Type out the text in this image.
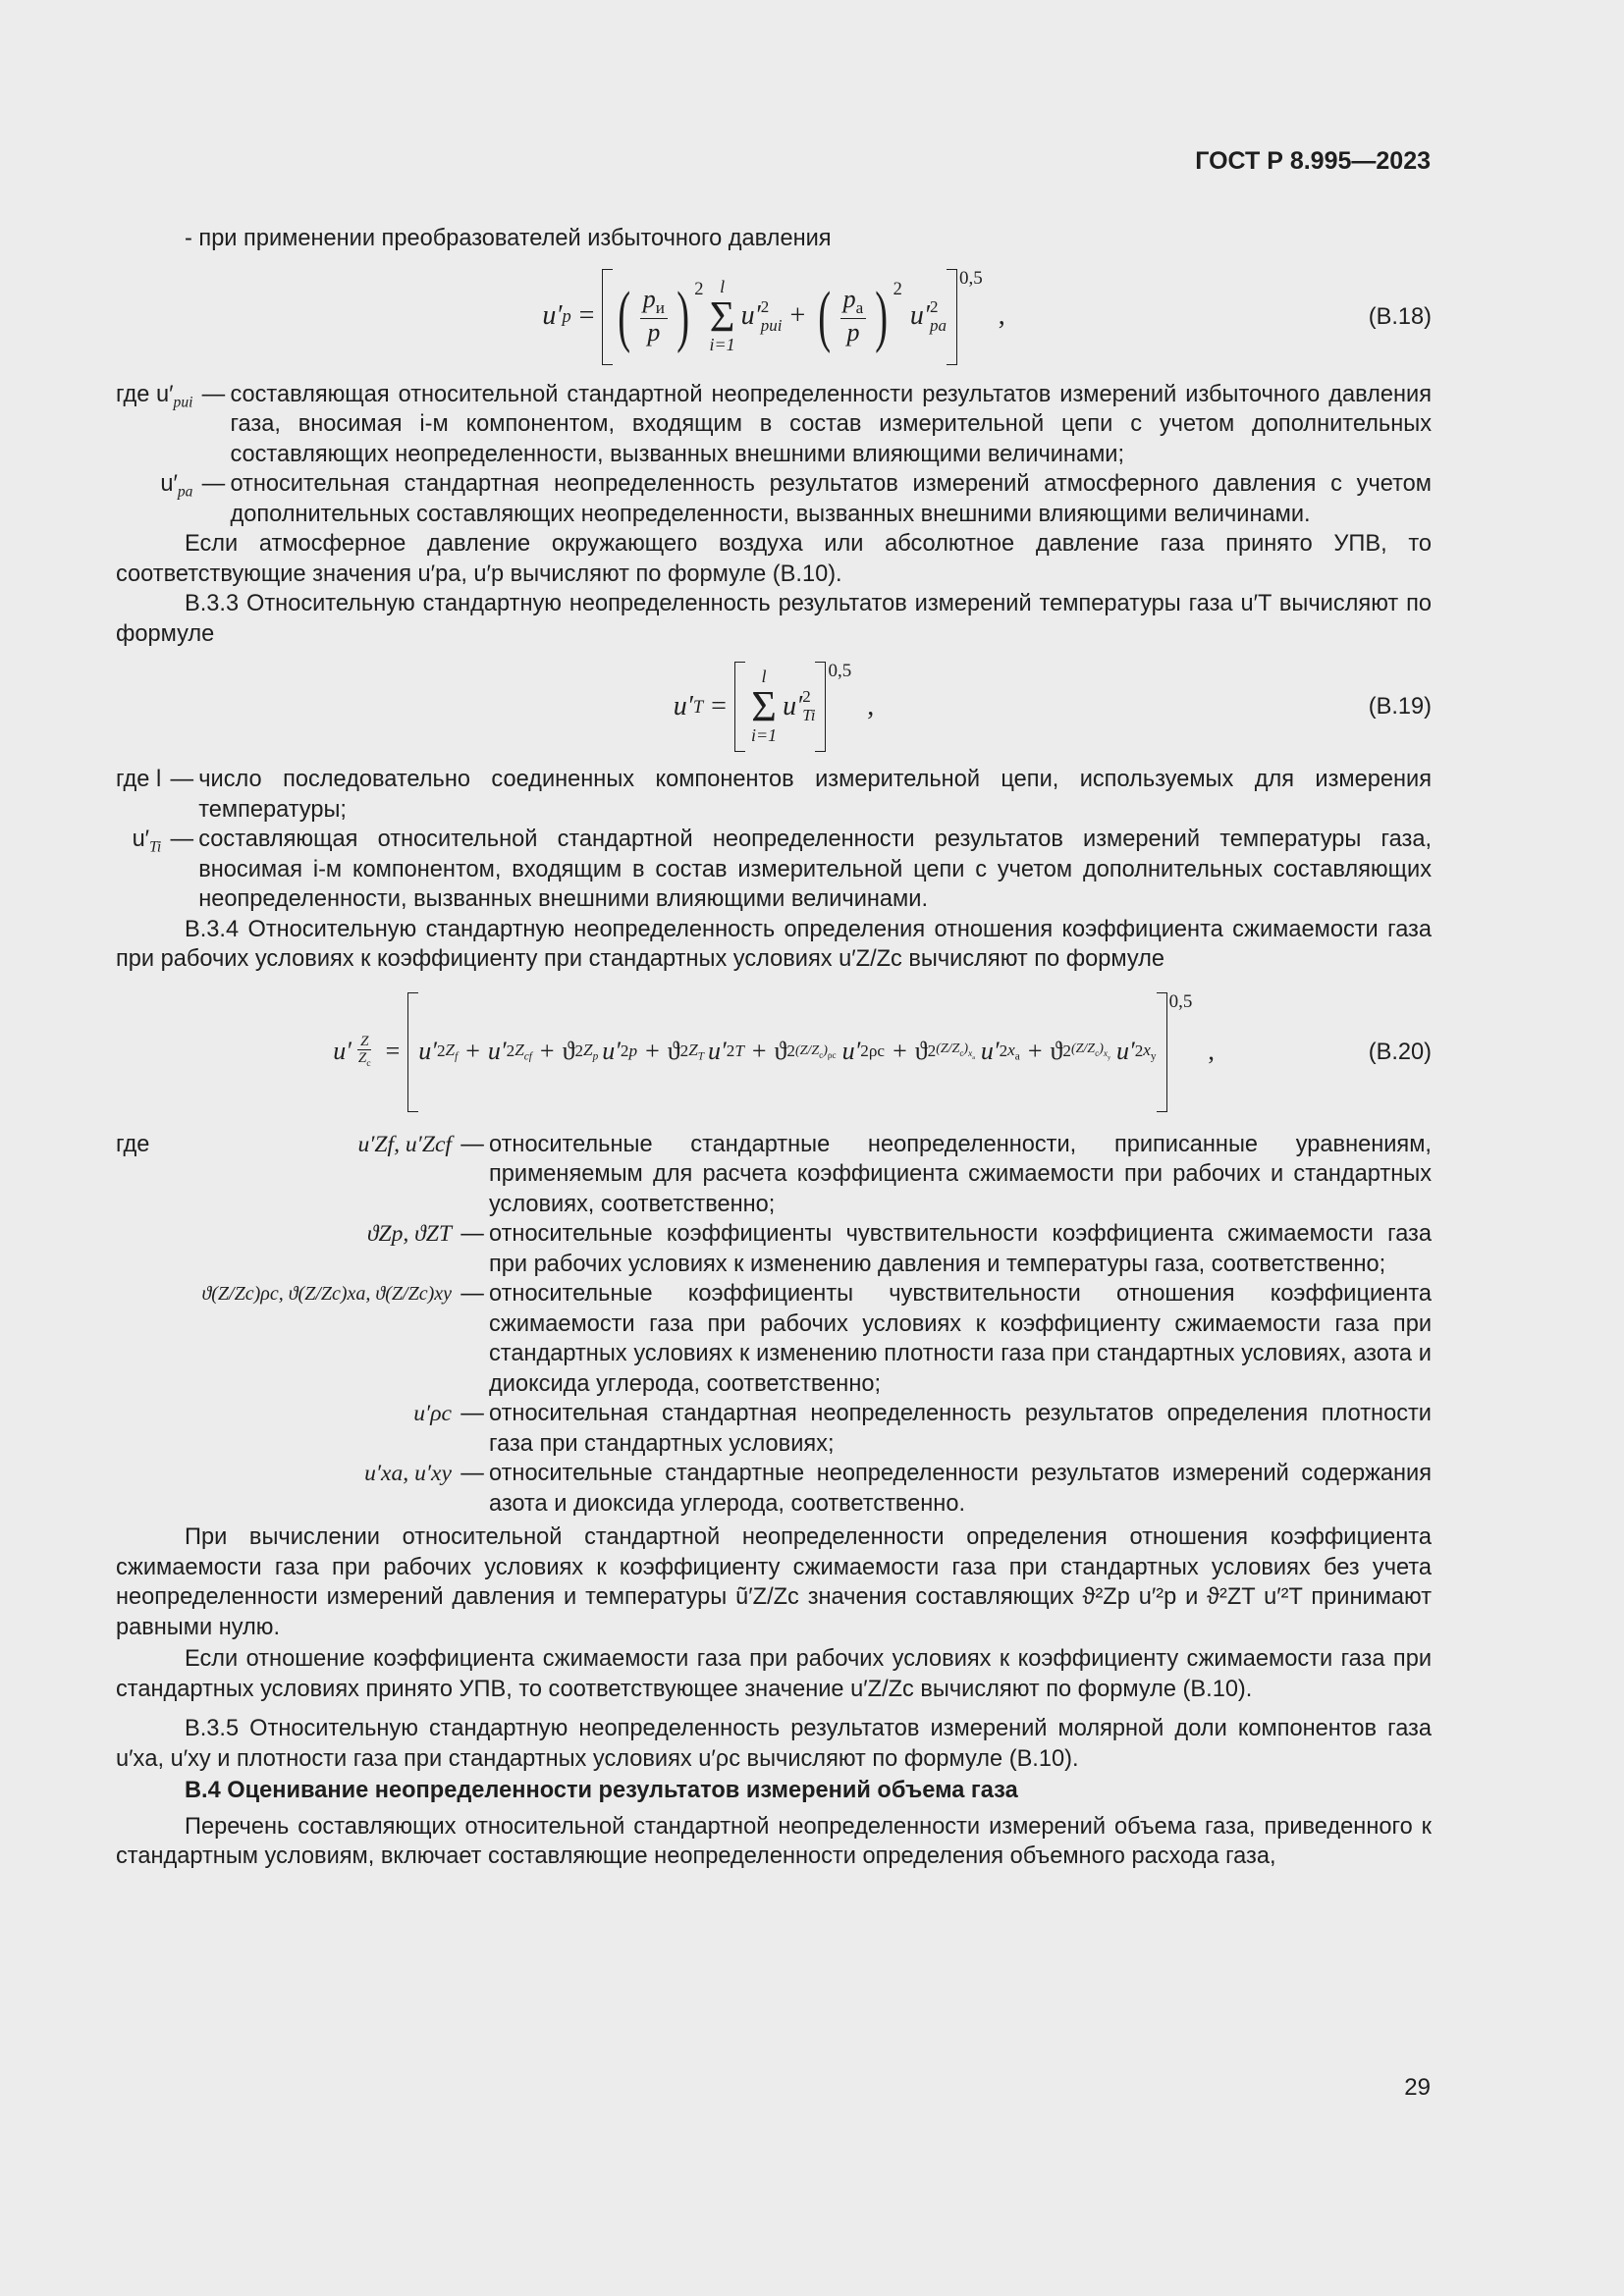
ГОСТ Р 8.995—2023

- при применении преобразователей избыточного давления

u′ p = ( $\frac{p_и}{p}$ ) $^2$ l
Σ
i=1
u′ 2
pиi + ( $\frac{p_а}{p}$ ) $^2$
u′ 2
pа
0,5
,	(В.18)
где $u'_{pиi}$ — составляющая относительной стандартной неопределенности результатов измерений избыточного давления газа, вносимая i-м компонентом, входящим в состав измерительной цепи с учетом дополнительных составляющих неопределенности, вызванных внешними влияющими величинами;
$u'_{pа}$ — относительная стандартная неопределенность результатов измерений атмосферного давления с учетом дополнительных составляющих неопределенности, вызванных внешними влияющими величинами.

Если атмосферное давление окружающего воздуха или абсолютное давление газа принято УПВ, то соответствующие значения u′pа, u′p вычисляют по формуле (В.10).

В.3.3 Относительную стандартную неопределенность результатов измерений температуры газа u′T вычисляют по формуле

u′ T =
l
Σ
i=1
u′ 2
Ti
0,5
,	(В.19)
где l — число последовательно соединенных компонентов измерительной цепи, используемых для измерения температуры;
$u'_{Ti}$ — составляющая относительной стандартной неопределенности результатов измерений температуры газа, вносимая i-м компонентом, входящим в состав измерительной цепи с учетом дополнительных составляющих неопределенности, вызванных внешними влияющими величинами.

В.3.4 Относительную стандартную неопределенность определения отношения коэффициента сжимаемости газа при рабочих условиях к коэффициенту при стандартных условиях u′Z/Zc вычисляют по формуле

$u' \frac{Z}{Z_c} = u'$ 2 $Z_f + u'$ 2 $Z_{cf} + ϑ$ 2 $Z_p$ u′ 2 p + ϑ 2 $Z_T$ u′ 2 T + ϑ 2 $(Z/Z_c)_{\rho c}$ u′ 2 ρc + ϑ 2 $(Z/Z_c)_{x_a}$ u′ 2 $x_a + ϑ$ 2 $(Z/Z_c)_{x_y}$ u′ 2 $x_y$
0,5
,	(В.20)
где	u′Zf, u′Zcf — относительные стандартные неопределенности, приписанные уравнениям, применяемым для расчета коэффициента сжимаемости при рабочих и стандартных условиях, соответственно;
ϑZp, ϑZT — относительные коэффициенты чувствительности коэффициента сжимаемости газа при рабочих условиях к изменению давления и температуры газа, соответственно;
ϑ(Z/Zc)ρc, ϑ(Z/Zc)xa, ϑ(Z/Zc)xy — относительные коэффициенты чувствительности отношения коэффициента сжимаемости газа при рабочих условиях к коэффициенту сжимаемости газа при стандартных условиях к изменению плотности газа при стандартных условиях, азота и диоксида углерода, соответственно;
u′ρc — относительная стандартная неопределенность результатов определения плотности газа при стандартных условиях;
u′xa, u′xy — относительные стандартные неопределенности результатов измерений содержания азота и диоксида углерода, соответственно.

При вычислении относительной стандартной неопределенности определения отношения коэффициента сжимаемости газа при рабочих условиях к коэффициенту сжимаемости газа при стандартных условиях без учета неопределенности измерений давления и температуры ũ′Z/Zc значения составляющих ϑ²Zp u′²p и ϑ²ZT u′²T принимают равными нулю.

Если отношение коэффициента сжимаемости газа при рабочих условиях к коэффициенту сжимаемости газа при стандартных условиях принято УПВ, то соответствующее значение u′Z/Zc вычисляют по формуле (В.10).

В.3.5 Относительную стандартную неопределенность результатов измерений молярной доли компонентов газа u′xa, u′xy и плотности газа при стандартных условиях u′ρc вычисляют по формуле (В.10).

В.4 Оценивание неопределенности результатов измерений объема газа

Перечень составляющих относительной стандартной неопределенности измерений объема газа, приведенного к стандартным условиям, включает составляющие неопределенности определения объемного расхода газа,

29
